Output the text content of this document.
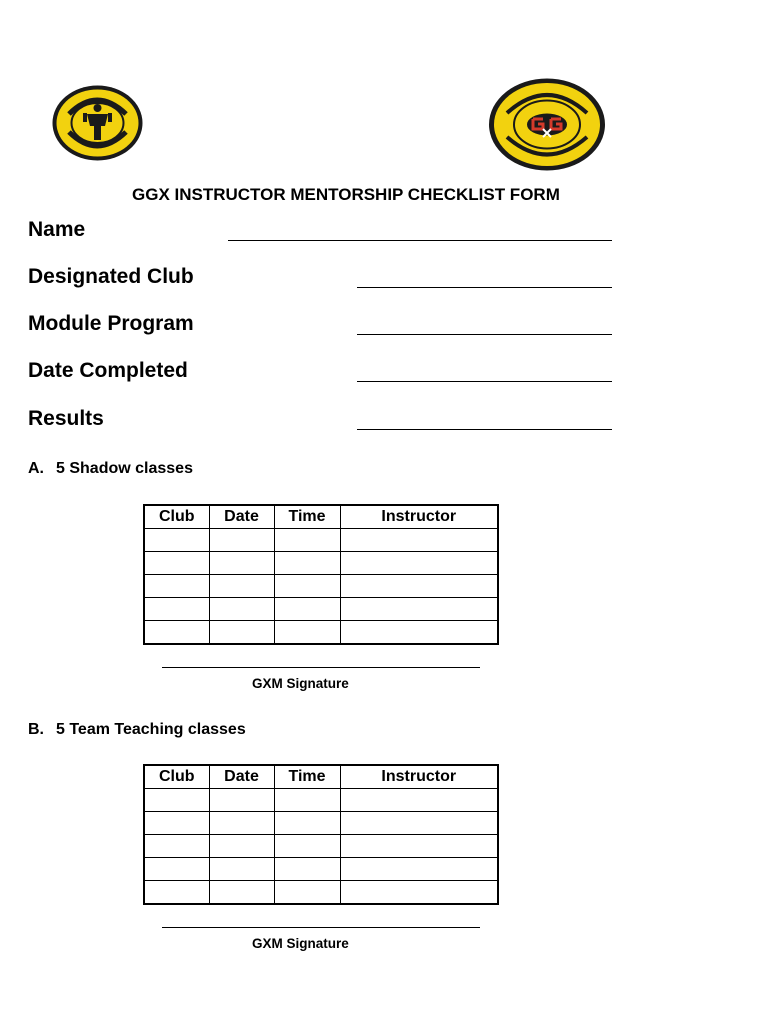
GGX INSTRUCTOR MENTORSHIP CHECKLIST FORM
Name
Designated Club
Module Program
Date Completed
Results
A. 5 Shadow classes
Club	Date	Time	Instructor

GXM Signature
B. 5 Team Teaching classes
Club	Date	Time	Instructor

GXM Signature
